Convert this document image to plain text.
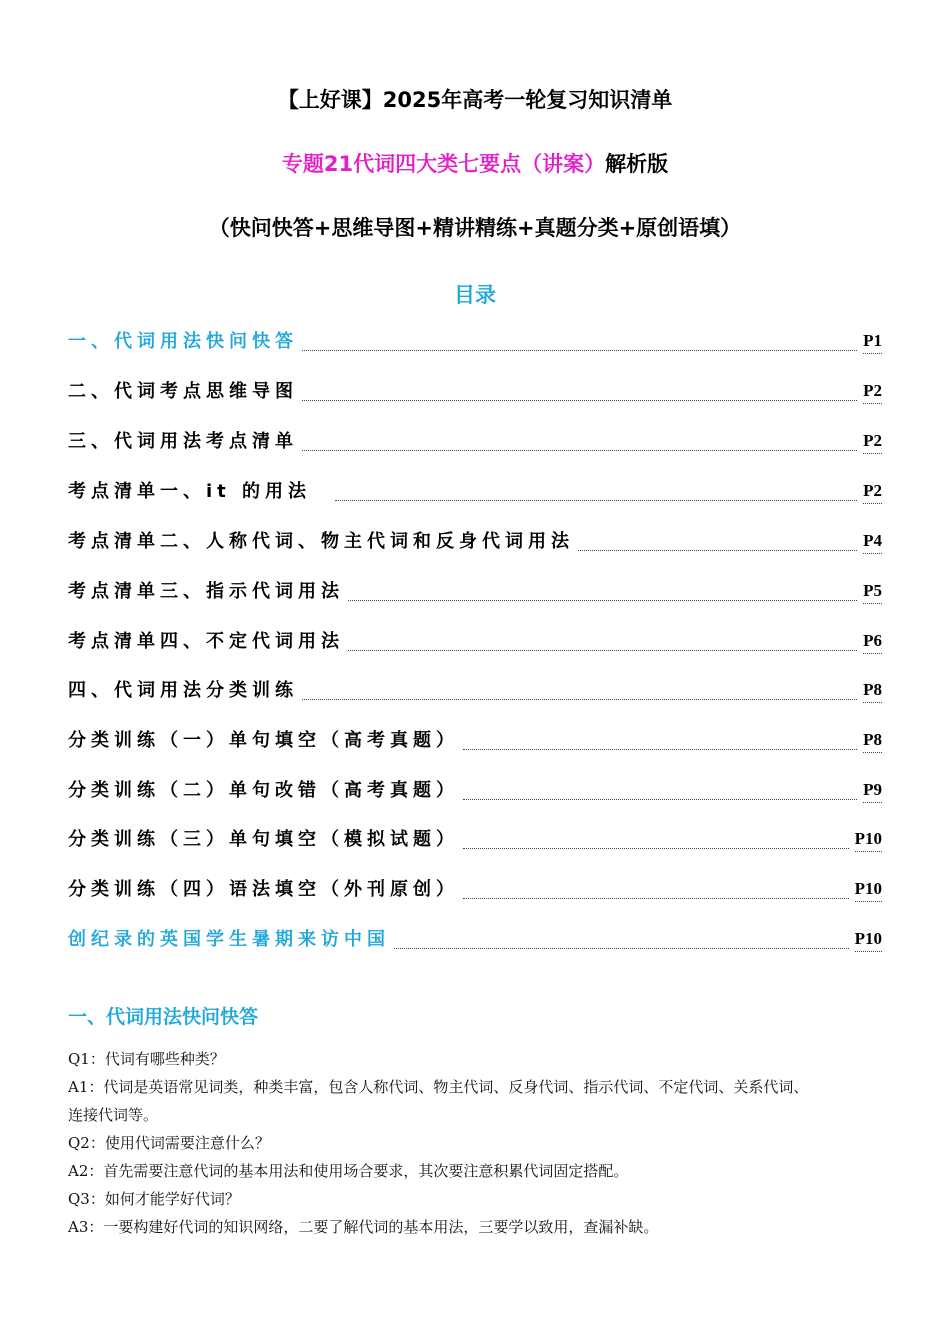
【上好课】2025年高考一轮复习知识清单
专题21代词四大类七要点（讲案）解析版
（快问快答+思维导图+精讲精练+真题分类+原创语填）
目录
一、代词用法快问快答	P1
二、代词考点思维导图	P2
三、代词用法考点清单	P2
考点清单一、it 的用法	P2
考点清单二、人称代词、物主代词和反身代词用法	P4
考点清单三、指示代词用法	P5
考点清单四、不定代词用法	P6
四、代词用法分类训练	P8
分类训练（一）单句填空（高考真题）	P8
分类训练（二）单句改错（高考真题）	P9
分类训练（三）单句填空（模拟试题）	P10
分类训练（四）语法填空（外刊原创）	P10
创纪录的英国学生暑期来访中国	P10
一、代词用法快问快答
Q1：代词有哪些种类？
A1：代词是英语常见词类，种类丰富，包含人称代词、物主代词、反身代词、指示代词、不定代词、关系代词、
连接代词等。
Q2：使用代词需要注意什么？
A2：首先需要注意代词的基本用法和使用场合要求，其次要注意积累代词固定搭配。
Q3：如何才能学好代词？
A3：一要构建好代词的知识网络，二要了解代词的基本用法，三要学以致用，查漏补缺。
